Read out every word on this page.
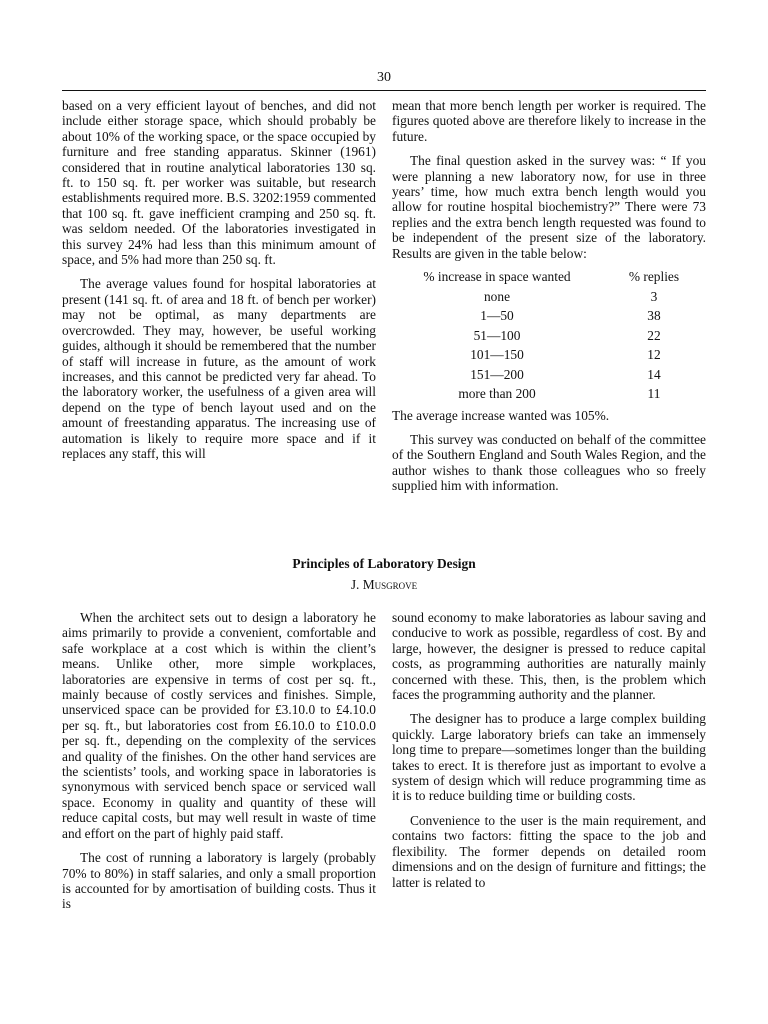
30

based on a very efficient layout of benches, and did not include either storage space, which should probably be about 10% of the working space, or the space occupied by furniture and free standing apparatus. Skinner (1961) considered that in routine analytical laboratories 130 sq. ft. to 150 sq. ft. per worker was suitable, but research establishments required more. B.S. 3202:1959 commented that 100 sq. ft. gave inefficient cramping and 250 sq. ft. was seldom needed. Of the laboratories investigated in this survey 24% had less than this minimum amount of space, and 5% had more than 250 sq. ft.

The average values found for hospital laboratories at present (141 sq. ft. of area and 18 ft. of bench per worker) may not be optimal, as many departments are overcrowded. They may, however, be useful working guides, although it should be remembered that the number of staff will increase in future, as the amount of work increases, and this cannot be predicted very far ahead. To the laboratory worker, the usefulness of a given area will depend on the type of bench layout used and on the amount of freestanding apparatus. The increasing use of automation is likely to require more space and if it replaces any staff, this will

mean that more bench length per worker is required. The figures quoted above are therefore likely to increase in the future.

The final question asked in the survey was: “ If you were planning a new laboratory now, for use in three years’ time, how much extra bench length would you allow for routine hospital biochemistry?” There were 73 replies and the extra bench length requested was found to be independent of the present size of the laboratory. Results are given in the table below:

% increase in space wanted	% replies
none	3
1—50	38
51—100	22
101—150	12
151—200	14
more than 200	11

The average increase wanted was 105%.

This survey was conducted on behalf of the committee of the Southern England and South Wales Region, and the author wishes to thank those colleagues who so freely supplied him with information.

Principles of Laboratory Design
J. Musgrove

When the architect sets out to design a laboratory he aims primarily to provide a convenient, comfortable and safe workplace at a cost which is within the client’s means. Unlike other, more simple workplaces, laboratories are expensive in terms of cost per sq. ft., mainly because of costly services and finishes. Simple, unserviced space can be provided for £3.10.0 to £4.10.0 per sq. ft., but laboratories cost from £6.10.0 to £10.0.0 per sq. ft., depending on the complexity of the services and quality of the finishes. On the other hand services are the scientists’ tools, and working space in laboratories is synonymous with serviced bench space or serviced wall space. Economy in quality and quantity of these will reduce capital costs, but may well result in waste of time and effort on the part of highly paid staff.

The cost of running a laboratory is largely (probably 70% to 80%) in staff salaries, and only a small proportion is accounted for by amortisation of building costs. Thus it is

sound economy to make laboratories as labour saving and conducive to work as possible, regardless of cost. By and large, however, the designer is pressed to reduce capital costs, as programming authorities are naturally mainly concerned with these. This, then, is the problem which faces the programming authority and the planner.

The designer has to produce a large complex building quickly. Large laboratory briefs can take an immensely long time to prepare—sometimes longer than the building takes to erect. It is therefore just as important to evolve a system of design which will reduce programming time as it is to reduce building time or building costs.

Convenience to the user is the main requirement, and contains two factors: fitting the space to the job and flexibility. The former depends on detailed room dimensions and on the design of furniture and fittings; the latter is related to
